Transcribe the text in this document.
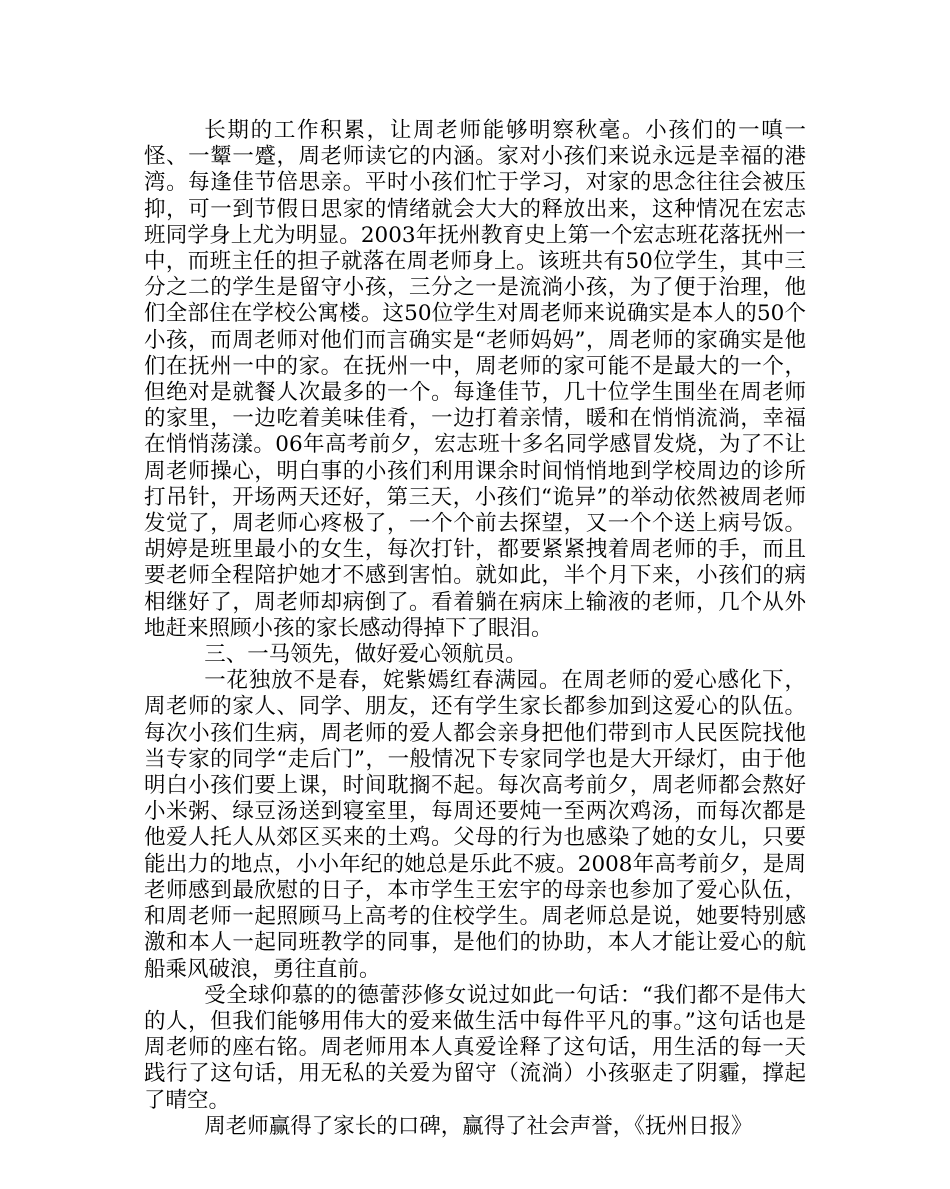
长期的工作积累，让周老师能够明察秋毫。小孩们的一嗔一怪、一颦一蹙，周老师读它的内涵。家对小孩们来说永远是幸福的港湾。每逢佳节倍思亲。平时小孩们忙于学习，对家的思念往往会被压抑，可一到节假日思家的情绪就会大大的释放出来，这种情况在宏志班同学身上尤为明显。2003年抚州教育史上第一个宏志班花落抚州一中，而班主任的担子就落在周老师身上。该班共有50位学生，其中三分之二的学生是留守小孩，三分之一是流淌小孩，为了便于治理，他们全部住在学校公寓楼。这50位学生对周老师来说确实是本人的50个小孩，而周老师对他们而言确实是“老师妈妈”，周老师的家确实是他们在抚州一中的家。在抚州一中，周老师的家可能不是最大的一个，但绝对是就餐人次最多的一个。每逢佳节，几十位学生围坐在周老师的家里，一边吃着美味佳肴，一边打着亲情，暖和在悄悄流淌，幸福在悄悄荡漾。06年高考前夕，宏志班十多名同学感冒发烧，为了不让周老师操心，明白事的小孩们利用课余时间悄悄地到学校周边的诊所打吊针，开场两天还好，第三天，小孩们“诡异”的举动依然被周老师发觉了，周老师心疼极了，一个个前去探望，又一个个送上病号饭。胡婷是班里最小的女生，每次打针，都要紧紧拽着周老师的手，而且要老师全程陪护她才不感到害怕。就如此，半个月下来，小孩们的病相继好了，周老师却病倒了。看着躺在病床上输液的老师，几个从外地赶来照顾小孩的家长感动得掉下了眼泪。

三、一马领先，做好爱心领航员。

一花独放不是春，姹紫嫣红春满园。在周老师的爱心感化下，周老师的家人、同学、朋友，还有学生家长都参加到这爱心的队伍。每次小孩们生病，周老师的爱人都会亲身把他们带到市人民医院找他当专家的同学“走后门”，一般情况下专家同学也是大开绿灯，由于他明白小孩们要上课，时间耽搁不起。每次高考前夕，周老师都会熬好小米粥、绿豆汤送到寝室里，每周还要炖一至两次鸡汤，而每次都是他爱人托人从郊区买来的土鸡。父母的行为也感染了她的女儿，只要能出力的地点，小小年纪的她总是乐此不疲。2008年高考前夕，是周老师感到最欣慰的日子，本市学生王宏宇的母亲也参加了爱心队伍，和周老师一起照顾马上高考的住校学生。周老师总是说，她要特别感激和本人一起同班教学的同事，是他们的协助，本人才能让爱心的航船乘风破浪，勇往直前。

受全球仰慕的的德蕾莎修女说过如此一句话：“我们都不是伟大的人，但我们能够用伟大的爱来做生活中每件平凡的事。”这句话也是周老师的座右铭。周老师用本人真爱诠释了这句话，用生活的每一天践行了这句话，用无私的关爱为留守（流淌）小孩驱走了阴霾，撑起了晴空。

周老师赢得了家长的口碑，赢得了社会声誉，《抚州日报》
